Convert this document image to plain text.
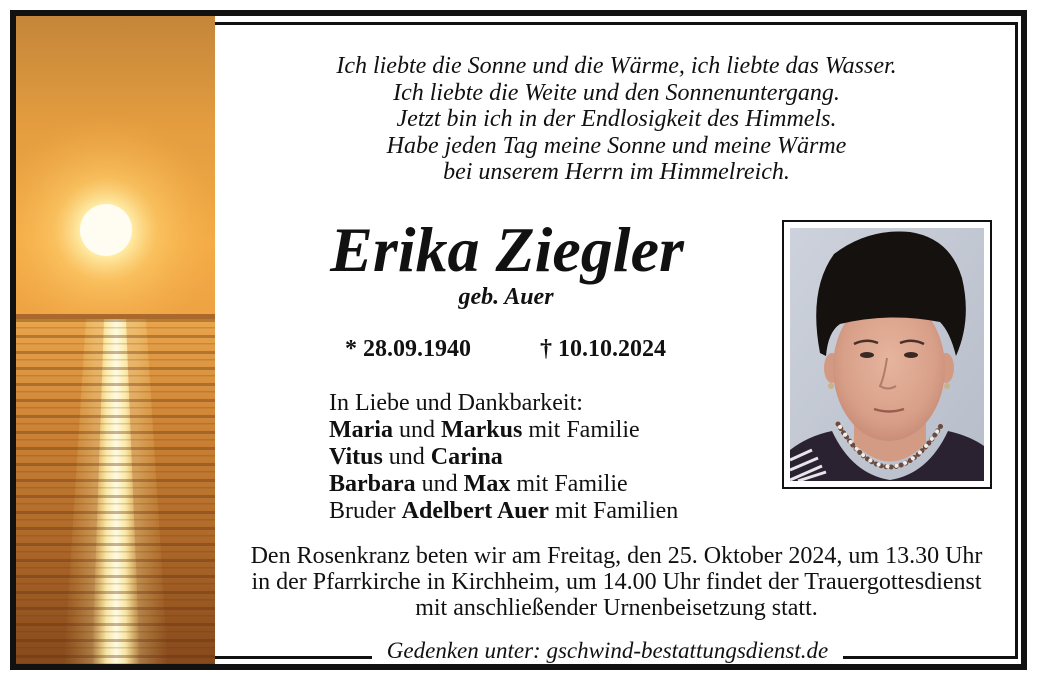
Ich liebte die Sonne und die Wärme, ich liebte das Wasser.
Ich liebte die Weite und den Sonnenuntergang.
Jetzt bin ich in der Endlosigkeit des Himmels.
Habe jeden Tag meine Sonne und meine Wärme
bei unserem Herrn im Himmelreich.
Erika Ziegler
geb. Auer
* 28.09.1940	† 10.10.2024
In Liebe und Dankbarkeit:
Maria und Markus mit Familie
Vitus und Carina
Barbara und Max mit Familie
Bruder Adelbert Auer mit Familien
Den Rosenkranz beten wir am Freitag, den 25. Oktober 2024, um 13.30 Uhr
in der Pfarrkirche in Kirchheim, um 14.00 Uhr findet der Trauergottesdienst
mit anschließender Urnenbeisetzung statt.
Gedenken unter: gschwind-bestattungsdienst.de
